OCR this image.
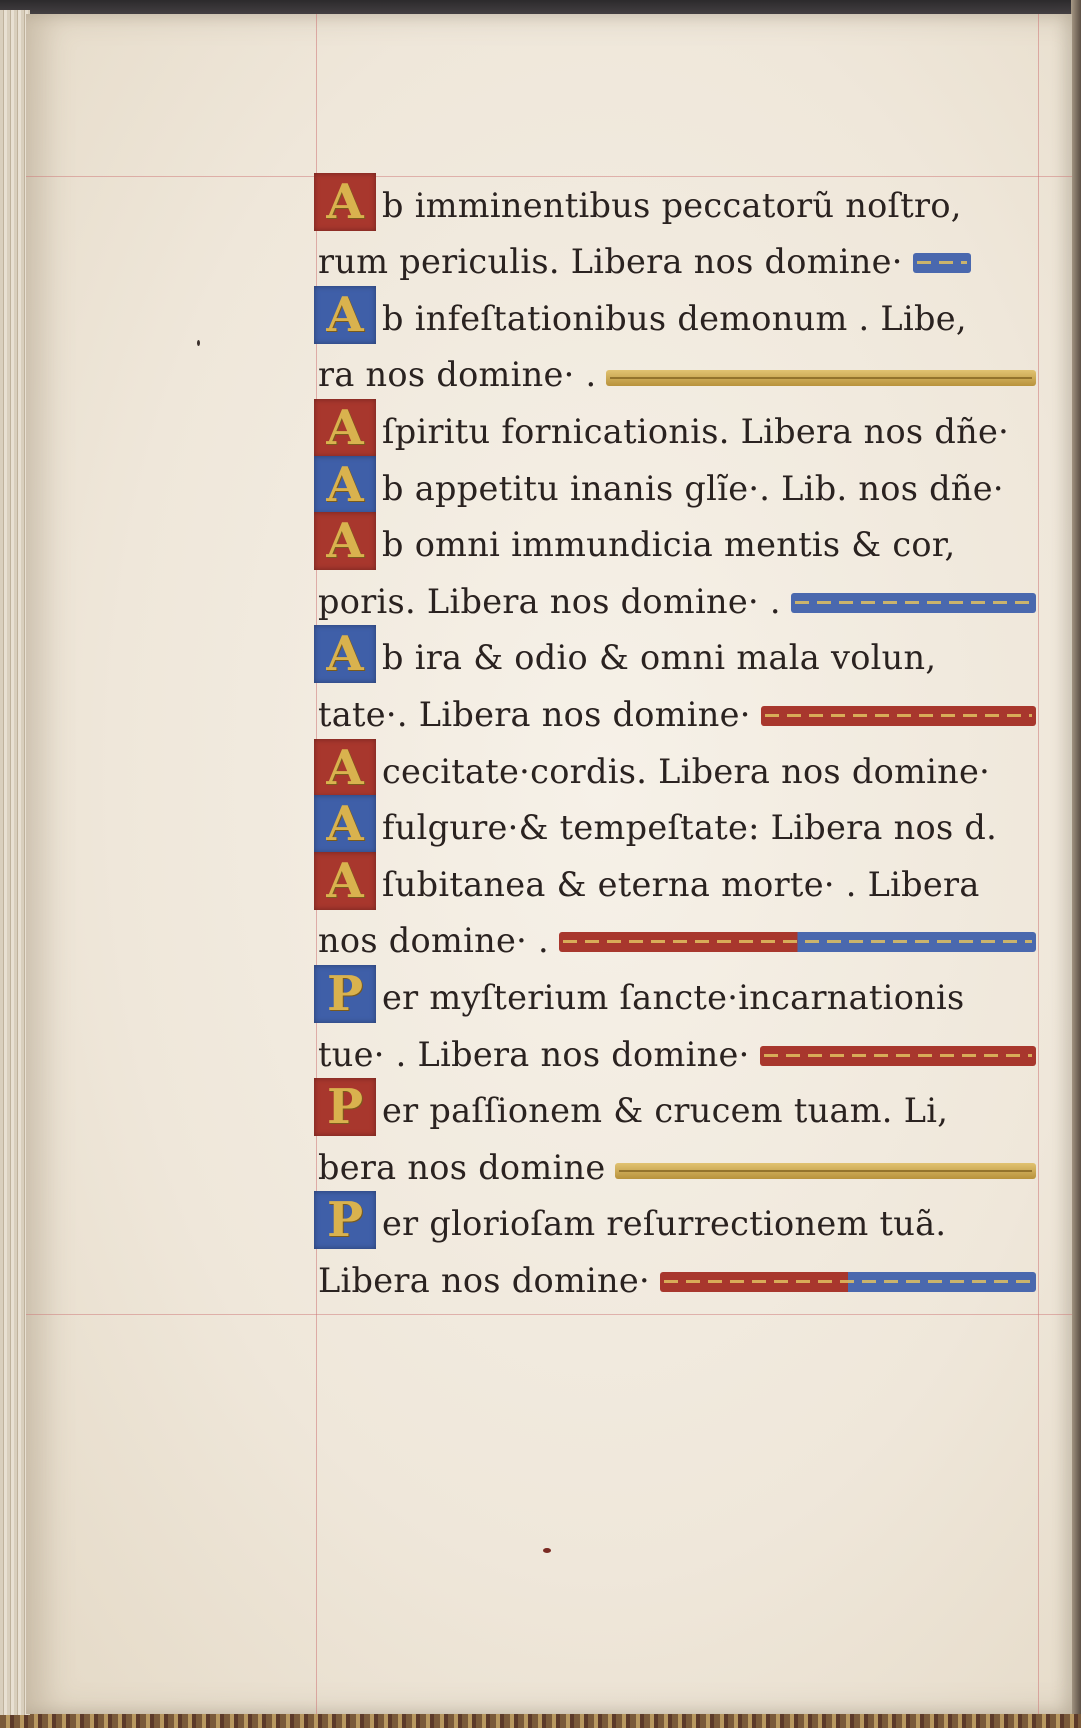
A b imminentibus peccatorũ noſtro,
rum periculis. Libera nos domine·
A b infeſtationibus demonum . Libe,
ra nos domine· .
A ſpiritu fornicationis. Libera nos dñe·
A b appetitu inanis glĩe·. Lib. nos dñe·
A b omni immundicia mentis & cor,
poris. Libera nos domine· .
A b ira & odio & omni mala volun,
tate·. Libera nos domine·
A cecitate·cordis. Libera nos domine·
A fulgure·& tempeſtate: Libera nos d.
A ſubitanea & eterna morte· . Libera
nos domine· .
P er myſterium ſancte·incarnationis
tue· . Libera nos domine·
P er paſſionem & crucem tuam. Li,
bera nos domine
P er glorioſam reſurrectionem tuã.
Libera nos domine·
